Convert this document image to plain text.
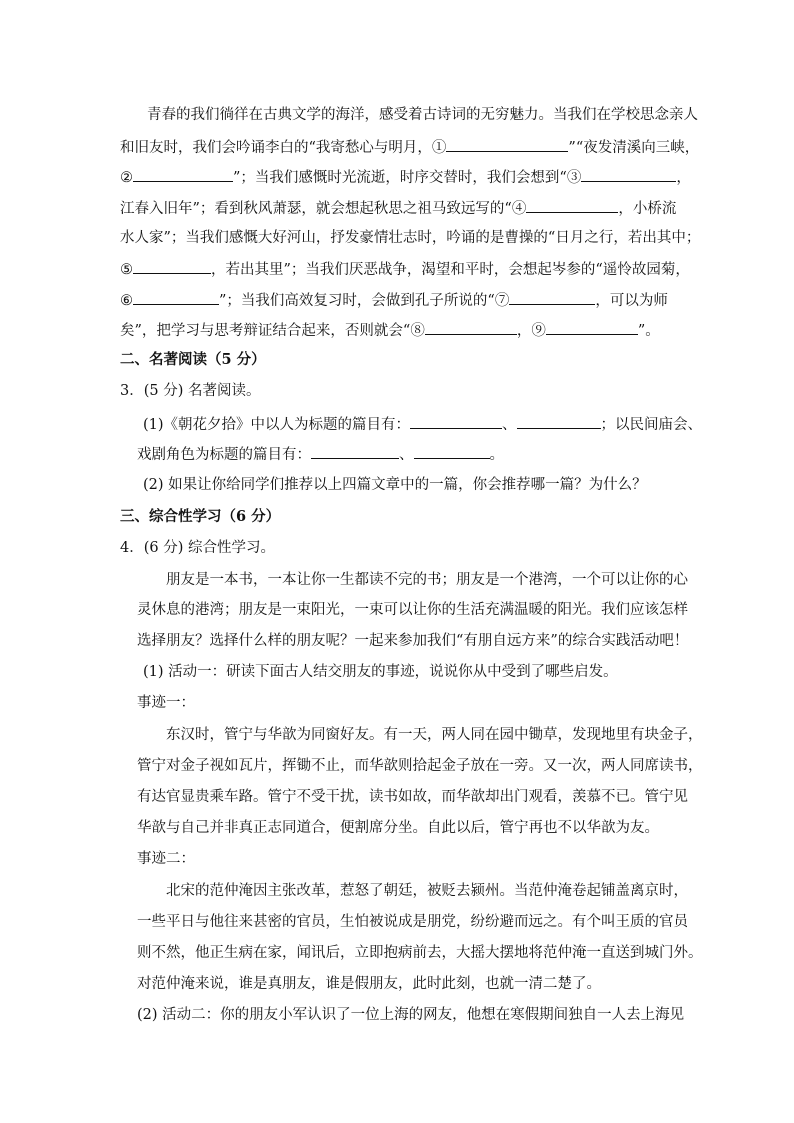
青春的我们徜徉在古典文学的海洋，感受着古诗词的无穷魅力。当我们在学校思念亲人
和旧友时，我们会吟诵李白的“我寄愁心与明月，①	”“夜发清溪向三峡，
②	”；当我们感慨时光流逝，时序交替时，我们会想到“③	，
江春入旧年”；看到秋风萧瑟，就会想起秋思之祖马致远写的“④	，小桥流
水人家”；当我们感慨大好河山，抒发豪情壮志时，吟诵的是曹操的“日月之行，若出其中；
⑤	，若出其里”；当我们厌恶战争，渴望和平时，会想起岑参的“遥怜故园菊，
⑥	”；当我们高效复习时，会做到孔子所说的“⑦	，可以为师
矣”，把学习与思考辩证结合起来，否则就会“⑧	，⑨	”。
二、名著阅读（5 分）
3．(5 分) 名著阅读。
(1)《朝花夕拾》中以人为标题的篇目有：	、	；以民间庙会、
戏剧角色为标题的篇目有：	、	。
(2) 如果让你给同学们推荐以上四篇文章中的一篇，你会推荐哪一篇？为什么？
三、综合性学习（6 分）
4．(6 分) 综合性学习。
朋友是一本书，一本让你一生都读不完的书；朋友是一个港湾，一个可以让你的心
灵休息的港湾；朋友是一束阳光，一束可以让你的生活充满温暖的阳光。我们应该怎样
选择朋友？选择什么样的朋友呢？一起来参加我们“有朋自远方来”的综合实践活动吧！
(1) 活动一：研读下面古人结交朋友的事迹，说说你从中受到了哪些启发。
事迹一：
东汉时，管宁与华歆为同窗好友。有一天，两人同在园中锄草，发现地里有块金子，
管宁对金子视如瓦片，挥锄不止，而华歆则拾起金子放在一旁。又一次，两人同席读书，
有达官显贵乘车路。管宁不受干扰，读书如故，而华歆却出门观看，羡慕不已。管宁见
华歆与自己并非真正志同道合，便割席分坐。自此以后，管宁再也不以华歆为友。
事迹二：
北宋的范仲淹因主张改革，惹怒了朝廷，被贬去颍州。当范仲淹卷起铺盖离京时，
一些平日与他往来甚密的官员，生怕被说成是朋党，纷纷避而远之。有个叫王质的官员
则不然，他正生病在家，闻讯后，立即抱病前去，大摇大摆地将范仲淹一直送到城门外。
对范仲淹来说，谁是真朋友，谁是假朋友，此时此刻，也就一清二楚了。
(2) 活动二：你的朋友小军认识了一位上海的网友，他想在寒假期间独自一人去上海见
